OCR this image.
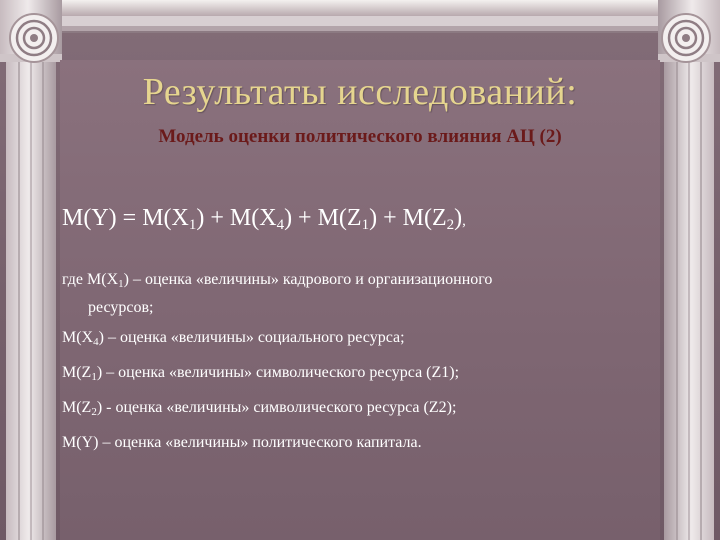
Результаты исследований:
Модель оценки политического влияния АЦ (2)
$M(Y) = M(X_1) + M(X_4) + M(Z_1) + M(Z_2)$,
где $M(X_1)$ – оценка «величины» кадрового и организационного
ресурсов;
$M(X_4)$ – оценка «величины» социального ресурса;
$M(Z_1)$ – оценка «величины» символического ресурса (Z1);
$M(Z_2)$ - оценка «величины» символического ресурса (Z2);
M(Y) – оценка «величины» политического капитала.
